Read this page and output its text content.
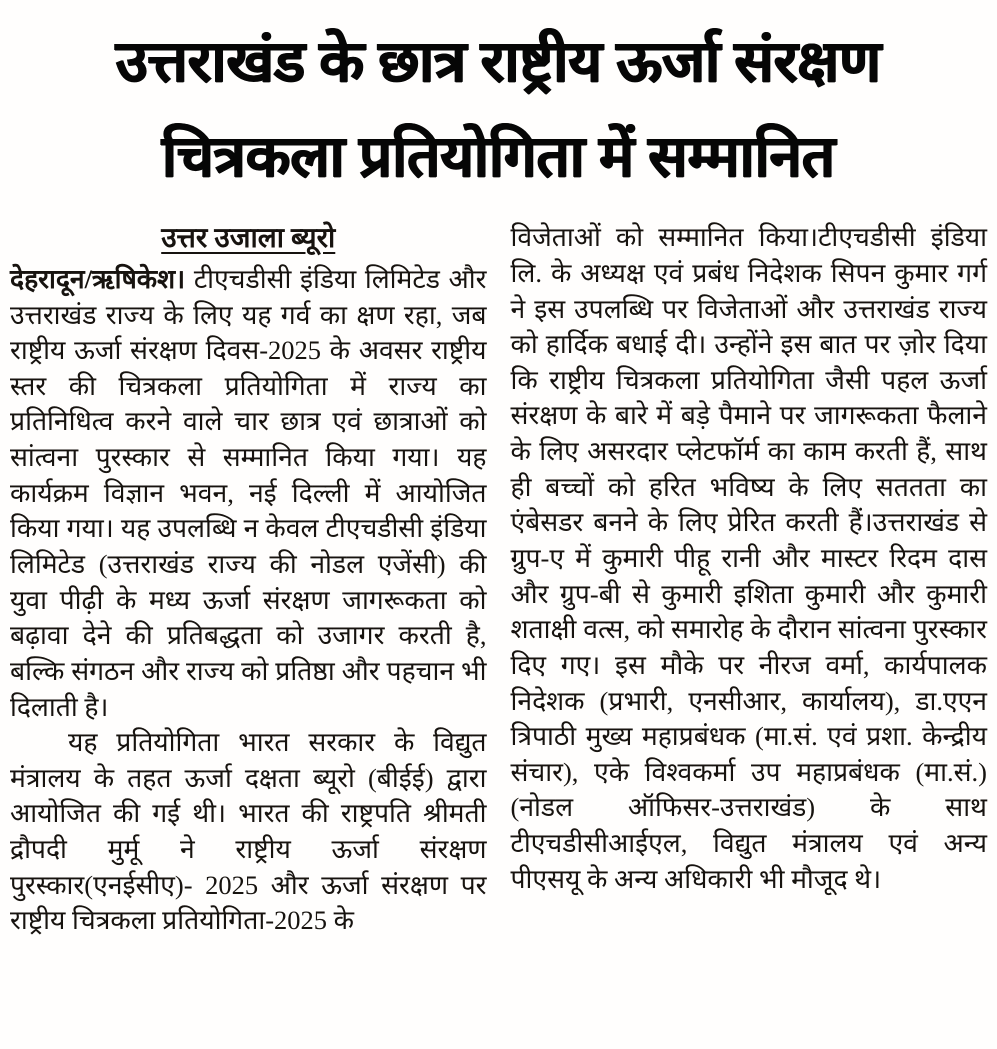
उत्तराखंड के छात्र राष्ट्रीय ऊर्जा संरक्षण
चित्रकला प्रतियोगिता में सम्मानित
उत्तर उजाला ब्यूरो

देहरादून/ऋषिकेश। टीएचडीसी इंडिया लिमिटेड और उत्तराखंड राज्य के लिए यह गर्व का क्षण रहा, जब राष्ट्रीय ऊर्जा संरक्षण दिवस-2025 के अवसर राष्ट्रीय स्तर की चित्रकला प्रतियोगिता में राज्य का प्रतिनिधित्व करने वाले चार छात्र एवं छात्राओं को सांत्वना पुरस्कार से सम्मानित किया गया। यह कार्यक्रम विज्ञान भवन, नई दिल्ली में आयोजित किया गया। यह उपलब्धि न केवल टीएचडीसी इंडिया लिमिटेड (उत्तराखंड राज्य की नोडल एजेंसी) की युवा पीढ़ी के मध्य ऊर्जा संरक्षण जागरूकता को बढ़ावा देने की प्रतिबद्धता को उजागर करती है, बल्कि संगठन और राज्य को प्रतिष्ठा और पहचान भी दिलाती है।

यह प्रतियोगिता भारत सरकार के विद्युत मंत्रालय के तहत ऊर्जा दक्षता ब्यूरो (बीईई) द्वारा आयोजित की गई थी। भारत की राष्ट्रपति श्रीमती द्रौपदी मुर्मू ने राष्ट्रीय ऊर्जा संरक्षण पुरस्कार(एनईसीए)- 2025 और ऊर्जा संरक्षण पर राष्ट्रीय चित्रकला प्रतियोगिता-2025 के

विजेताओं को सम्मानित किया।टीएचडीसी इंडिया लि. के अध्यक्ष एवं प्रबंध निदेशक सिपन कुमार गर्ग ने इस उपलब्धि पर विजेताओं और उत्तराखंड राज्य को हार्दिक बधाई दी। उन्होंने इस बात पर ज़ोर दिया कि राष्ट्रीय चित्रकला प्रतियोगिता जैसी पहल ऊर्जा संरक्षण के बारे में बड़े पैमाने पर जागरूकता फैलाने के लिए असरदार प्लेटफॉर्म का काम करती हैं, साथ ही बच्चों को हरित भविष्य के लिए सततता का एंबेसडर बनने के लिए प्रेरित करती हैं।उत्तराखंड से ग्रुप-ए में कुमारी पीहू रानी और मास्टर रिदम दास और ग्रुप-बी से कुमारी इशिता कुमारी और कुमारी शताक्षी वत्स, को समारोह के दौरान सांत्वना पुरस्कार दिए गए। इस मौके पर नीरज वर्मा, कार्यपालक निदेशक (प्रभारी, एनसीआर, कार्यालय), डा.एएन त्रिपाठी मुख्य महाप्रबंधक (मा.सं. एवं प्रशा. केन्द्रीय संचार), एके विश्वकर्मा उप महाप्रबंधक (मा.सं.) (नोडल ऑफिसर-उत्तराखंड) के साथ टीएचडीसीआईएल, विद्युत मंत्रालय एवं अन्य पीएसयू के अन्य अधिकारी भी मौजूद थे।
